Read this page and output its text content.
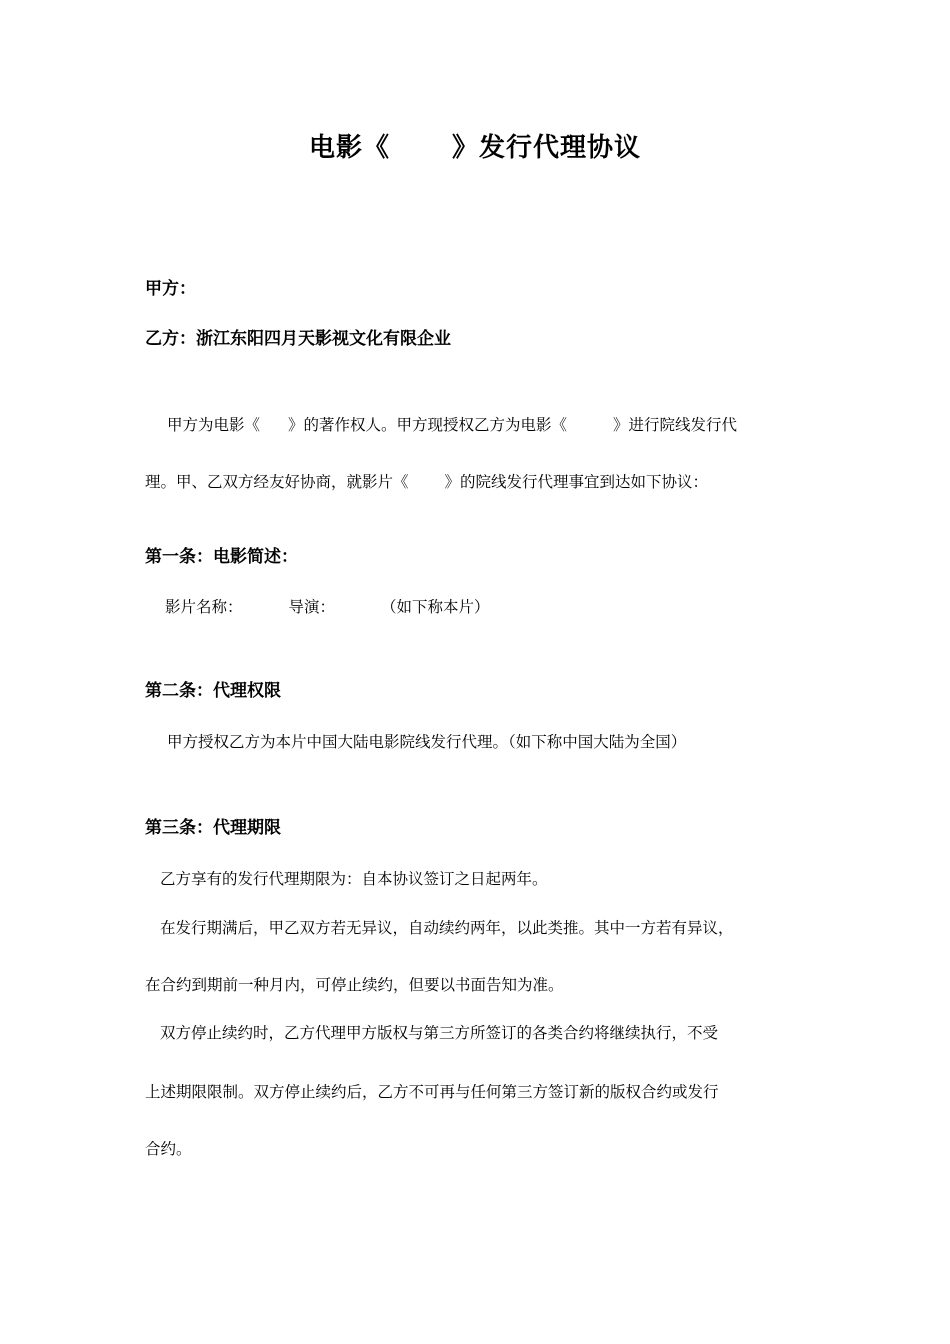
电影《 》发行代理协议
甲方：
乙方：浙江东阳四月天影视文化有限企业
甲方为电影《 》的著作权人。甲方现授权乙方为电影《	》进行院线发行代
理。甲、乙双方经友好协商，就影片《 》的院线发行代理事宜到达如下协议：
第一条：电影简述：
影片名称：	导演：	（如下称本片）
第二条：代理权限
甲方授权乙方为本片中国大陆电影院线发行代理。（如下称中国大陆为全国）
第三条：代理期限
乙方享有的发行代理期限为：自本协议签订之日起两年。
在发行期满后，甲乙双方若无异议，自动续约两年，以此类推。其中一方若有异议，
在合约到期前一种月内，可停止续约，但要以书面告知为准。
双方停止续约时，乙方代理甲方版权与第三方所签订的各类合约将继续执行，不受
上述期限限制。双方停止续约后，乙方不可再与任何第三方签订新的版权合约或发行
合约。
